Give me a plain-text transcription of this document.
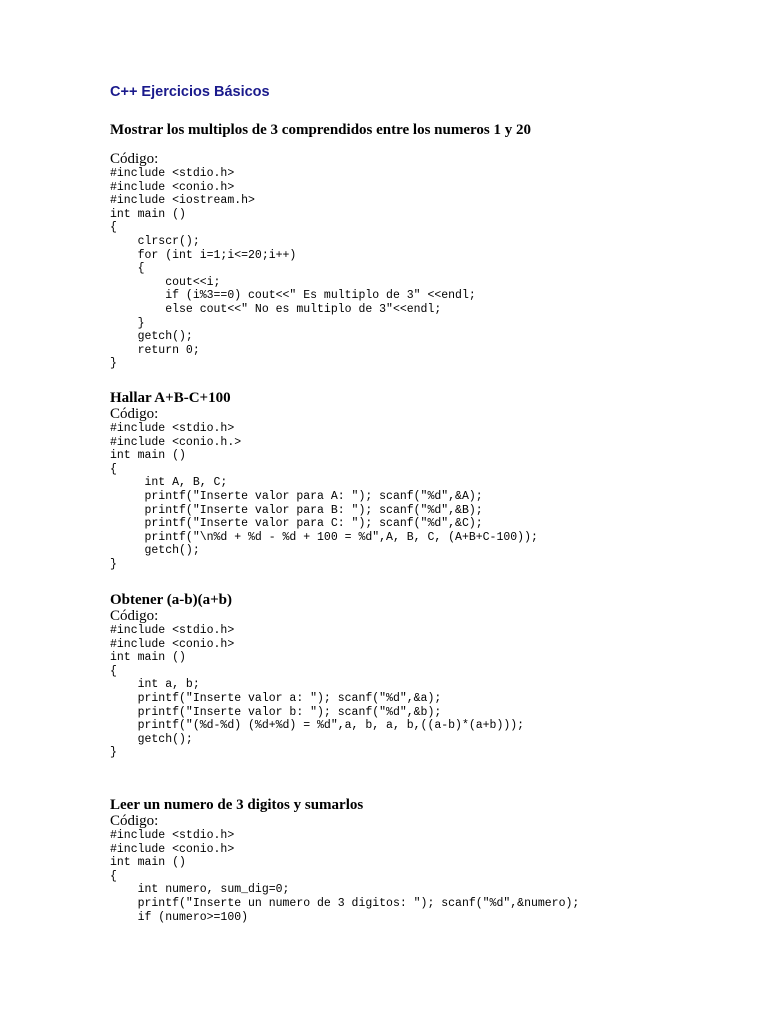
C++ Ejercicios Básicos
Mostrar los multiplos de 3 comprendidos entre los numeros 1 y 20
Código:
#include <stdio.h>
#include <conio.h>
#include <iostream.h>
int main ()
{
clrscr();
for (int i=1;i<=20;i++)
{
cout<<i;
if (i%3==0) cout<<" Es multiplo de 3" <<endl;
else cout<<" No es multiplo de 3"<<endl;
}
getch();
return 0;
}
Hallar A+B-C+100
Código:
#include <stdio.h>
#include <conio.h.>
int main ()
{
int A, B, C;
printf("Inserte valor para A: "); scanf("%d",&A);
printf("Inserte valor para B: "); scanf("%d",&B);
printf("Inserte valor para C: "); scanf("%d",&C);
printf("\n%d + %d - %d + 100 = %d",A, B, C, (A+B+C-100));
getch();
}
Obtener (a-b)(a+b)
Código:
#include <stdio.h>
#include <conio.h>
int main ()
{
int a, b;
printf("Inserte valor a: "); scanf("%d",&a);
printf("Inserte valor b: "); scanf("%d",&b);
printf("(%d-%d) (%d+%d) = %d",a, b, a, b,((a-b)*(a+b)));
getch();
}
Leer un numero de 3 digitos y sumarlos
Código:
#include <stdio.h>
#include <conio.h>
int main ()
{
int numero, sum_dig=0;
printf("Inserte un numero de 3 digitos: "); scanf("%d",&numero);
if (numero>=100)
